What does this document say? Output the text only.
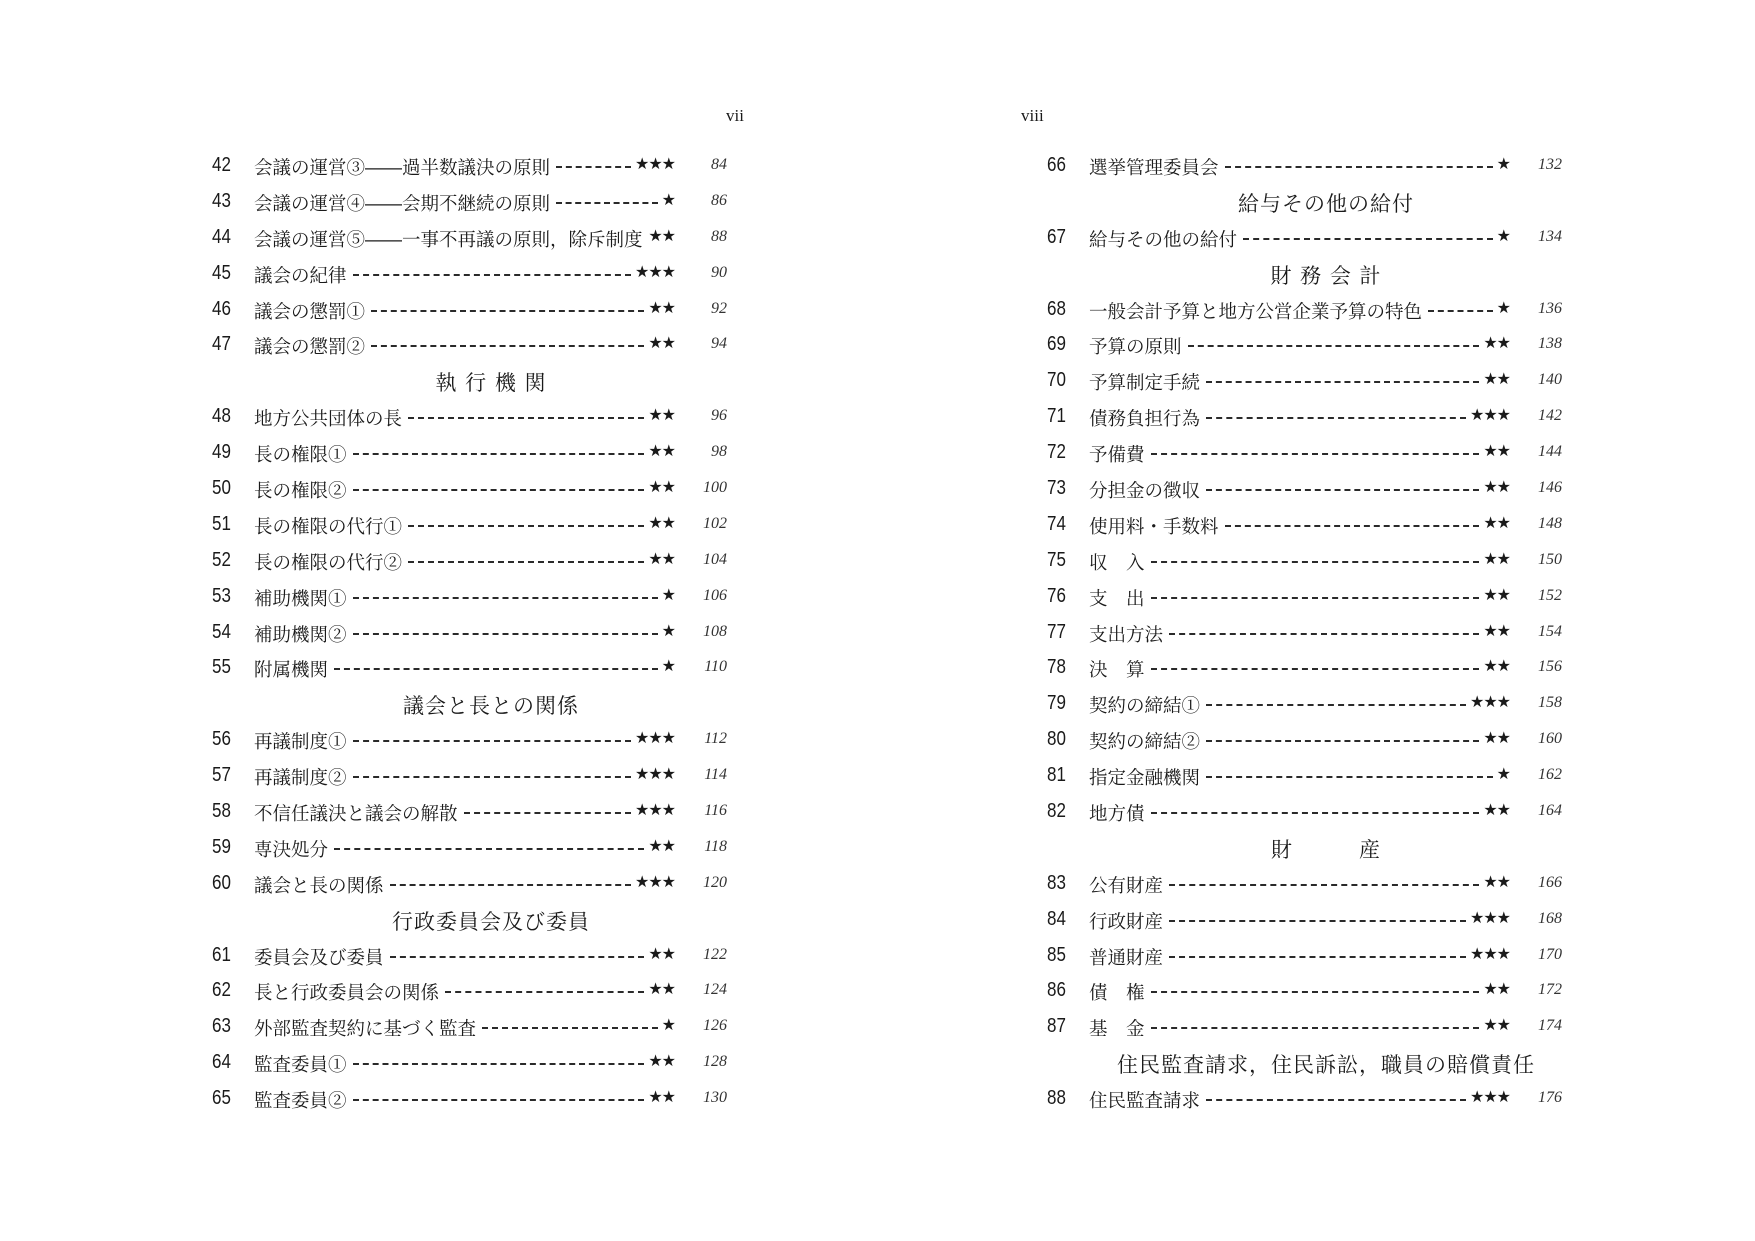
vii	viii
42 会議の運営③――過半数議決の原則	★★★	84
43 会議の運営④――会期不継続の原則	★	86
44 会議の運営⑤――一事不再議の原則，除斥制度 ★★	88
45 議会の紀律	★★★	90
46 議会の懲罰①	★★	92
47 議会の懲罰②	★★	94
執 行 機 関
48 地方公共団体の長	★★	96
49 長の権限①	★★	98
50 長の権限②	★★	100
51 長の権限の代行①	★★	102
52 長の権限の代行②	★★	104
53 補助機関①	★	106
54 補助機関②	★	108
55 附属機関	★	110
議会と長との関係
56 再議制度①	★★★	112
57 再議制度②	★★★	114
58 不信任議決と議会の解散	★★★	116
59 専決処分	★★	118
60 議会と長の関係	★★★	120
行政委員会及び委員
61 委員会及び委員	★★	122
62 長と行政委員会の関係	★★	124
63 外部監査契約に基づく監査	★	126
64 監査委員①	★★	128
65 監査委員②	★★	130
66 選挙管理委員会	★	132
給与その他の給付
67 給与その他の給付	★	134
財 務 会 計
68 一般会計予算と地方公営企業予算の特色	★	136
69 予算の原則	★★	138
70 予算制定手続	★★	140
71 債務負担行為	★★★	142
72 予備費	★★	144
73 分担金の徴収	★★	146
74 使用料・手数料	★★	148
75 収　入	★★	150
76 支　出	★★	152
77 支出方法	★★	154
78 決　算	★★	156
79 契約の締結①	★★★	158
80 契約の締結②	★★	160
81 指定金融機関	★	162
82 地方債	★★	164
財　　　産
83 公有財産	★★	166
84 行政財産	★★★	168
85 普通財産	★★★	170
86 債　権	★★	172
87 基　金	★★	174
住民監査請求，住民訴訟，職員の賠償責任
88 住民監査請求	★★★	176
